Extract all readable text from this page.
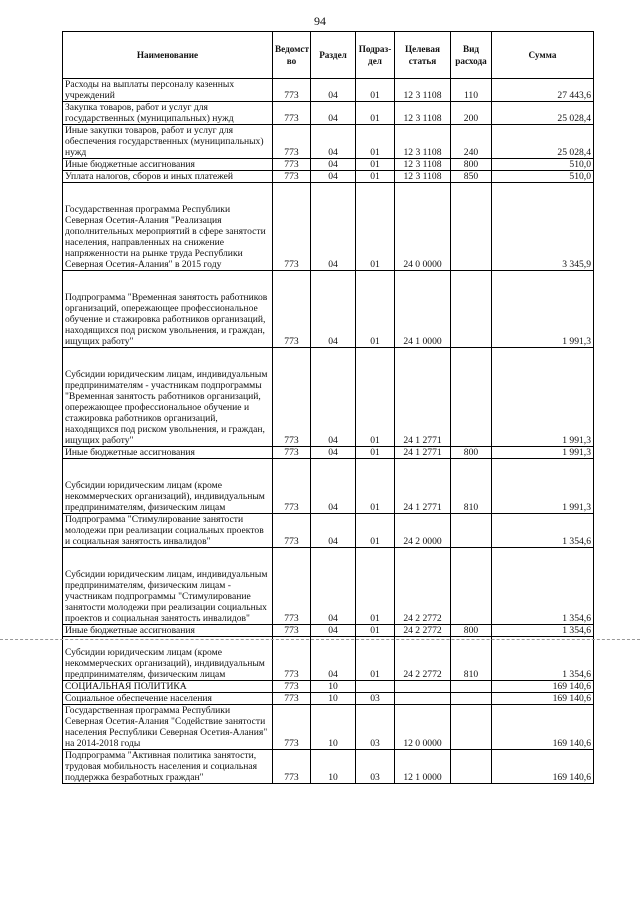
94
Наименование	Ведомст во	Раздел	Подраз- дел	Целевая статья	Вид расхода	Сумма
Расходы на выплаты персоналу казенных учреждений	773	04	01	12 3 1108	110	27 443,6
Закупка товаров, работ и услуг для государственных (муниципальных) нужд	773	04	01	12 3 1108	200	25 028,4
Иные закупки товаров, работ и услуг для обеспечения государственных (муниципальных) нужд	773	04	01	12 3 1108	240	25 028,4
Иные бюджетные ассигнования	773	04	01	12 3 1108	800	510,0
Уплата налогов, сборов и иных платежей	773	04	01	12 3 1108	850	510,0
Государственная программа Республики Северная Осетия-Алания "Реализация дополнительных мероприятий в сфере занятости населения, направленных на снижение напряженности на рынке труда Республики Северная Осетия-Алания" в 2015 году	773	04	01	24 0 0000		3 345,9
Подпрограмма "Временная занятость работников организаций, опережающее профессиональное обучение и стажировка работников организаций, находящихся под риском увольнения, и граждан, ищущих работу"	773	04	01	24 1 0000		1 991,3
Субсидии юридическим лицам, индивидуальным предпринимателям - участникам подпрограммы "Временная занятость работников организаций, опережающее профессиональное обучение и стажировка работников организаций, находящихся под риском увольнения, и граждан, ищущих работу"	773	04	01	24 1 2771		1 991,3
Иные бюджетные ассигнования	773	04	01	24 1 2771	800	1 991,3
Субсидии юридическим лицам (кроме некоммерческих организаций), индивидуальным предпринимателям, физическим лицам	773	04	01	24 1 2771	810	1 991,3
Подпрограмма "Стимулирование занятости молодежи при реализации социальных проектов и социальная занятость инвалидов"	773	04	01	24 2 0000		1 354,6
Субсидии юридическим лицам, индивидуальным предпринимателям, физическим лицам - участникам подпрограммы "Стимулирование занятости молодежи при реализации социальных проектов и социальная занятость инвалидов"	773	04	01	24 2 2772		1 354,6
Иные бюджетные ассигнования	773	04	01	24 2 2772	800	1 354,6
Субсидии юридическим лицам (кроме некоммерческих организаций), индивидуальным предпринимателям, физическим лицам	773	04	01	24 2 2772	810	1 354,6
СОЦИАЛЬНАЯ ПОЛИТИКА	773	10				169 140,6
Социальное обеспечение населения	773	10	03			169 140,6
Государственная программа Республики Северная Осетия-Алания "Содействие занятости населения Республики Северная Осетия-Алания" на 2014-2018 годы	773	10	03	12 0 0000		169 140,6
Подпрограмма "Активная политика занятости, трудовая мобильность населения и социальная поддержка безработных граждан"	773	10	03	12 1 0000		169 140,6
